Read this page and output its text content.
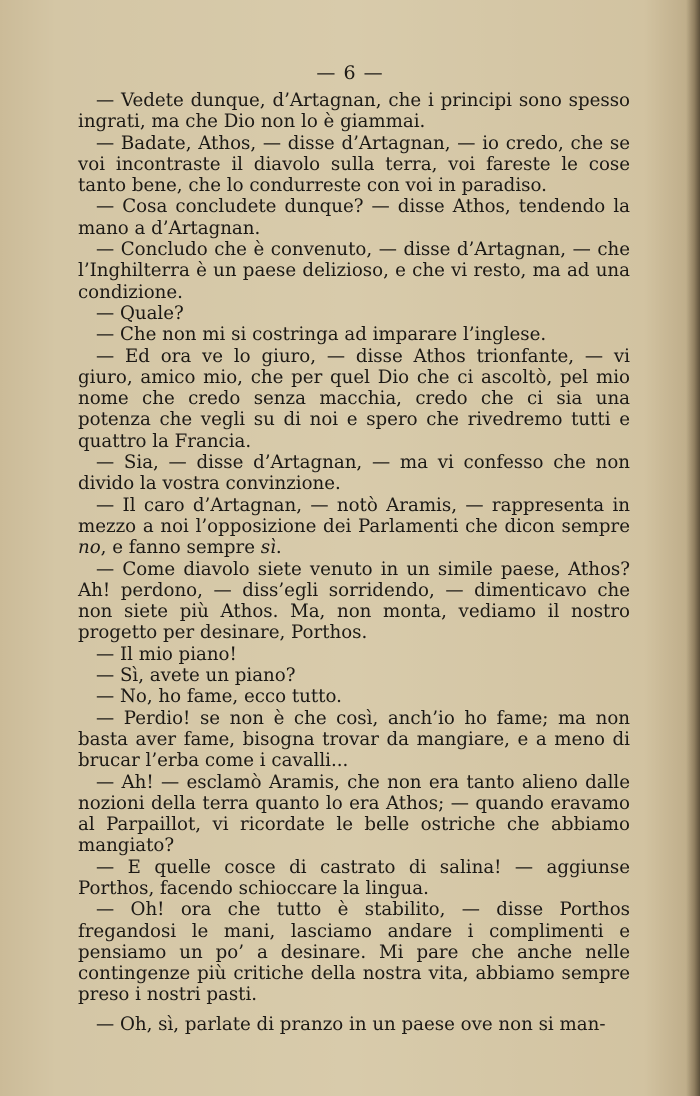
— 6 —

— Vedete dunque, d’Artagnan, che i principi sono spesso ingrati, ma che Dio non lo è giammai.

— Badate, Athos, — disse d’Artagnan, — io credo, che se voi incontraste il diavolo sulla terra, voi fareste le cose tanto bene, che lo condurreste con voi in paradiso.

— Cosa concludete dunque? — disse Athos, tendendo la mano a d’Artagnan.

— Concludo che è convenuto, — disse d’Artagnan, — che l’Inghilterra è un paese delizioso, e che vi resto, ma ad una condizione.

— Quale?

— Che non mi si costringa ad imparare l’inglese.

— Ed ora ve lo giuro, — disse Athos trionfante, — vi giuro, amico mio, che per quel Dio che ci ascoltò, pel mio nome che credo senza macchia, credo che ci sia una potenza che vegli su di noi e spero che rivedremo tutti e quattro la Francia.

— Sia, — disse d’Artagnan, — ma vi confesso che non divido la vostra convinzione.

— Il caro d’Artagnan, — notò Aramis, — rappresenta in mezzo a noi l’opposizione dei Parlamenti che dicon sempre no, e fanno sempre sì.

— Come diavolo siete venuto in un simile paese, Athos? Ah! perdono, — diss’egli sorridendo, — dimenticavo che non siete più Athos. Ma, non monta, vediamo il nostro progetto per desinare, Porthos.

— Il mio piano!

— Sì, avete un piano?

— No, ho fame, ecco tutto.

— Perdio! se non è che così, anch’io ho fame; ma non basta aver fame, bisogna trovar da mangiare, e a meno di brucar l’erba come i cavalli...

— Ah! — esclamò Aramis, che non era tanto alieno dalle nozioni della terra quanto lo era Athos; — quando eravamo al Parpaillot, vi ricordate le belle ostriche che abbiamo mangiato?

— E quelle cosce di castrato di salina! — aggiunse Porthos, facendo schioccare la lingua.

— Oh! ora che tutto è stabilito, — disse Porthos fregandosi le mani, lasciamo andare i complimenti e pensiamo un po’ a desinare. Mi pare che anche nelle contingenze più critiche della nostra vita, abbiamo sempre preso i nostri pasti.

— Oh, sì, parlate di pranzo in un paese ove non si man-
